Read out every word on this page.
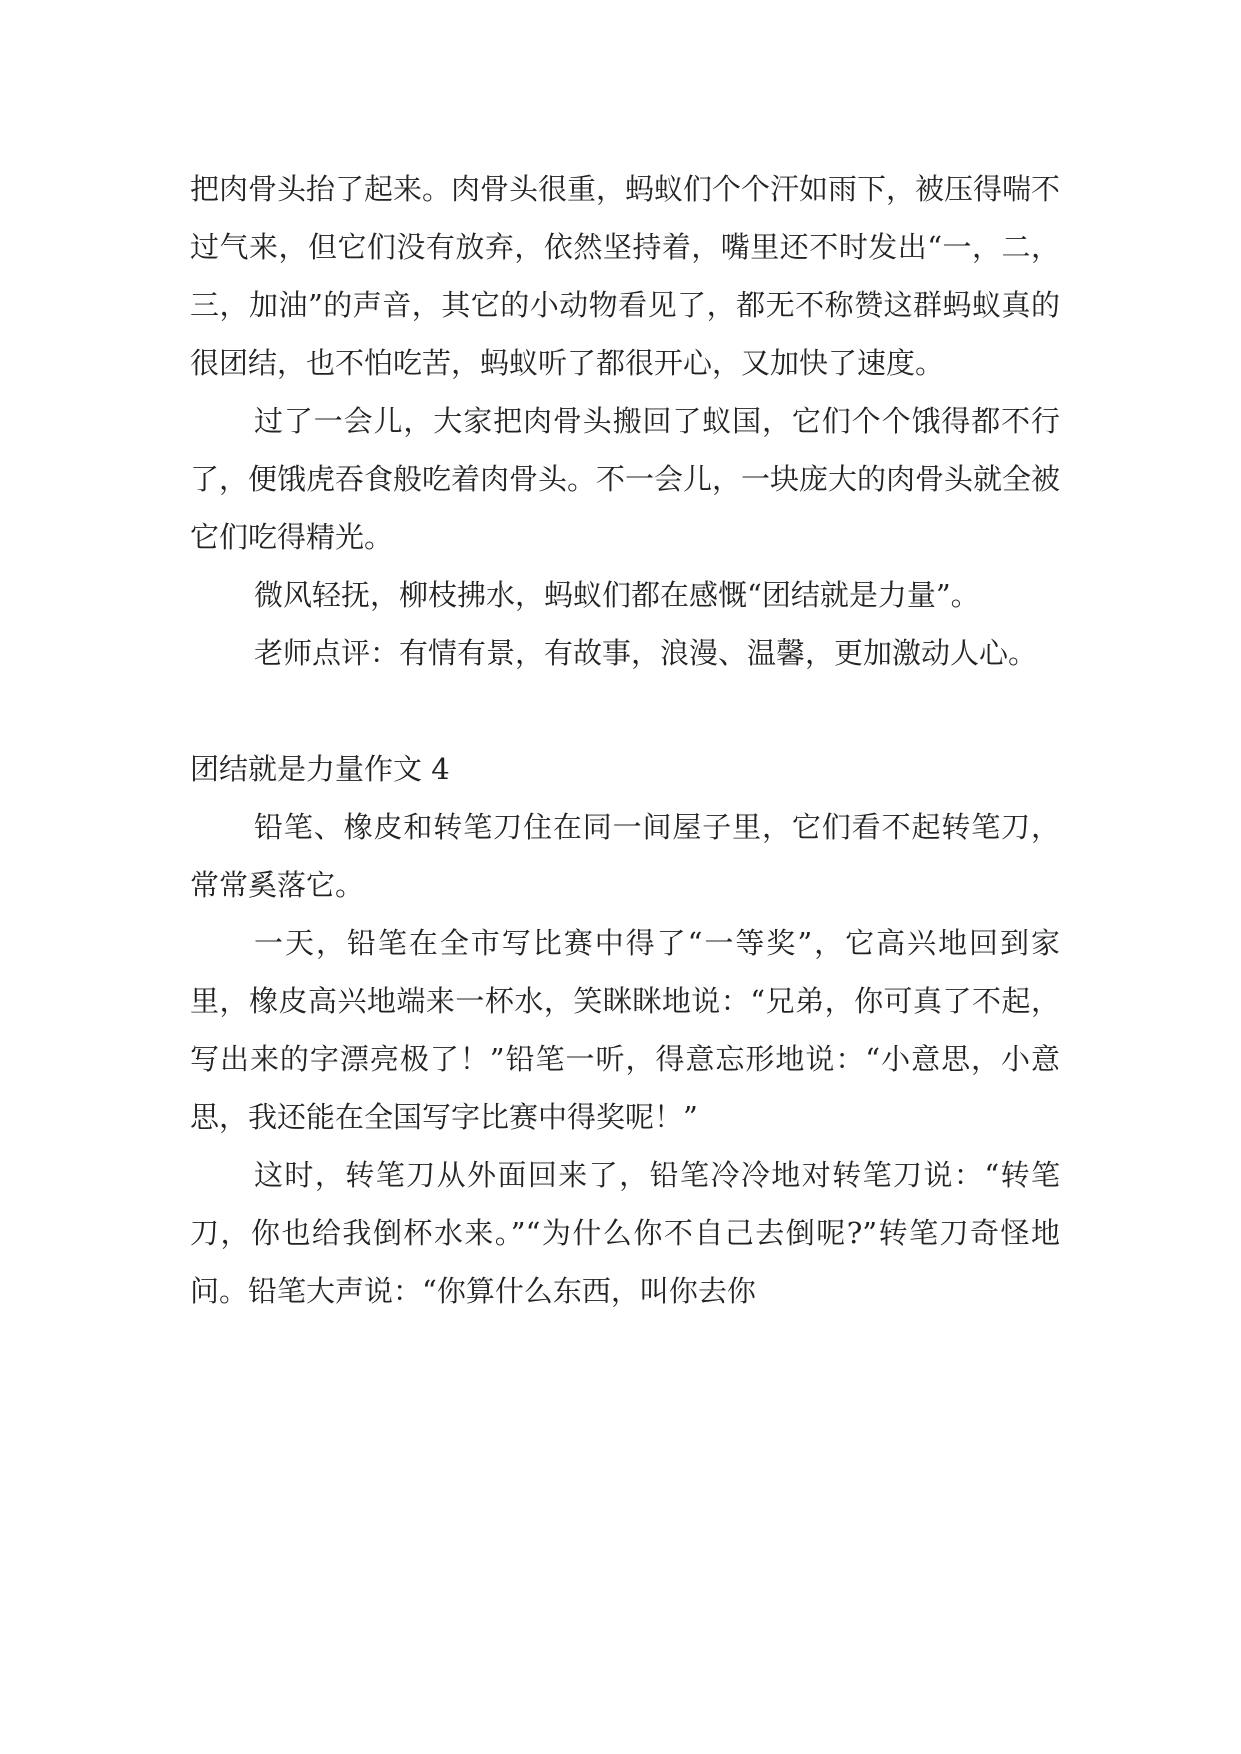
把肉骨头抬了起来。肉骨头很重，蚂蚁们个个汗如雨下，被压得喘不过气来，但它们没有放弃，依然坚持着，嘴里还不时发出“一，二，三，加油”的声音，其它的小动物看见了，都无不称赞这群蚂蚁真的很团结，也不怕吃苦，蚂蚁听了都很开心，又加快了速度。

过了一会儿，大家把肉骨头搬回了蚁国，它们个个饿得都不行了，便饿虎吞食般吃着肉骨头。不一会儿，一块庞大的肉骨头就全被它们吃得精光。

微风轻抚，柳枝拂水，蚂蚁们都在感慨“团结就是力量”。

老师点评：有情有景，有故事，浪漫、温馨，更加激动人心。

团结就是力量作文 4

铅笔、橡皮和转笔刀住在同一间屋子里，它们看不起转笔刀，常常奚落它。

一天，铅笔在全市写比赛中得了“一等奖”，它高兴地回到家里，橡皮高兴地端来一杯水，笑眯眯地说：“兄弟，你可真了不起，写出来的字漂亮极了！”铅笔一听，得意忘形地说：“小意思，小意思，我还能在全国写字比赛中得奖呢！”

这时，转笔刀从外面回来了，铅笔冷冷地对转笔刀说：“转笔刀，你也给我倒杯水来。”“为什么你不自己去倒呢?”转笔刀奇怪地问。铅笔大声说：“你算什么东西，叫你去你
